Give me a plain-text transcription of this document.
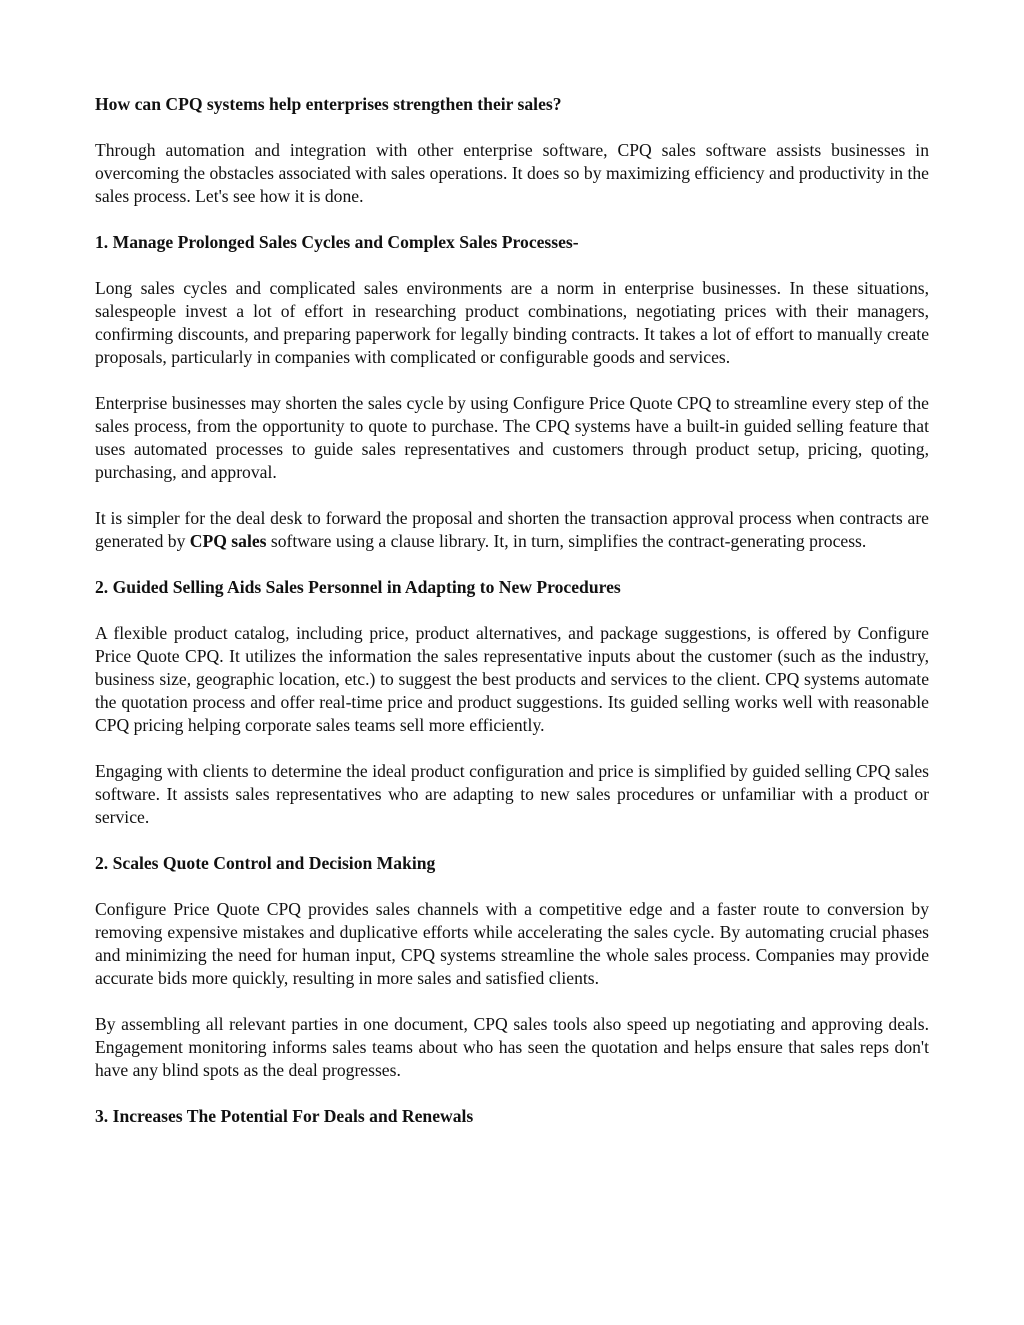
How can CPQ systems help enterprises strengthen their sales?
Through automation and integration with other enterprise software, CPQ sales software assists businesses in overcoming the obstacles associated with sales operations. It does so by maximizing efficiency and productivity in the sales process. Let's see how it is done.
1. Manage Prolonged Sales Cycles and Complex Sales Processes-
Long sales cycles and complicated sales environments are a norm in enterprise businesses. In these situations, salespeople invest a lot of effort in researching product combinations, negotiating prices with their managers, confirming discounts, and preparing paperwork for legally binding contracts. It takes a lot of effort to manually create proposals, particularly in companies with complicated or configurable goods and services.
Enterprise businesses may shorten the sales cycle by using Configure Price Quote CPQ to streamline every step of the sales process, from the opportunity to quote to purchase. The CPQ systems have a built-in guided selling feature that uses automated processes to guide sales representatives and customers through product setup, pricing, quoting, purchasing, and approval.
It is simpler for the deal desk to forward the proposal and shorten the transaction approval process when contracts are generated by CPQ sales software using a clause library. It, in turn, simplifies the contract-generating process.
2. Guided Selling Aids Sales Personnel in Adapting to New Procedures
A flexible product catalog, including price, product alternatives, and package suggestions, is offered by Configure Price Quote CPQ. It utilizes the information the sales representative inputs about the customer (such as the industry, business size, geographic location, etc.) to suggest the best products and services to the client. CPQ systems automate the quotation process and offer real-time price and product suggestions. Its guided selling works well with reasonable CPQ pricing helping corporate sales teams sell more efficiently.
Engaging with clients to determine the ideal product configuration and price is simplified by guided selling CPQ sales software. It assists sales representatives who are adapting to new sales procedures or unfamiliar with a product or service.
2. Scales Quote Control and Decision Making
Configure Price Quote CPQ provides sales channels with a competitive edge and a faster route to conversion by removing expensive mistakes and duplicative efforts while accelerating the sales cycle. By automating crucial phases and minimizing the need for human input, CPQ systems streamline the whole sales process. Companies may provide accurate bids more quickly, resulting in more sales and satisfied clients.
By assembling all relevant parties in one document, CPQ sales tools also speed up negotiating and approving deals. Engagement monitoring informs sales teams about who has seen the quotation and helps ensure that sales reps don't have any blind spots as the deal progresses.
3. Increases The Potential For Deals and Renewals
